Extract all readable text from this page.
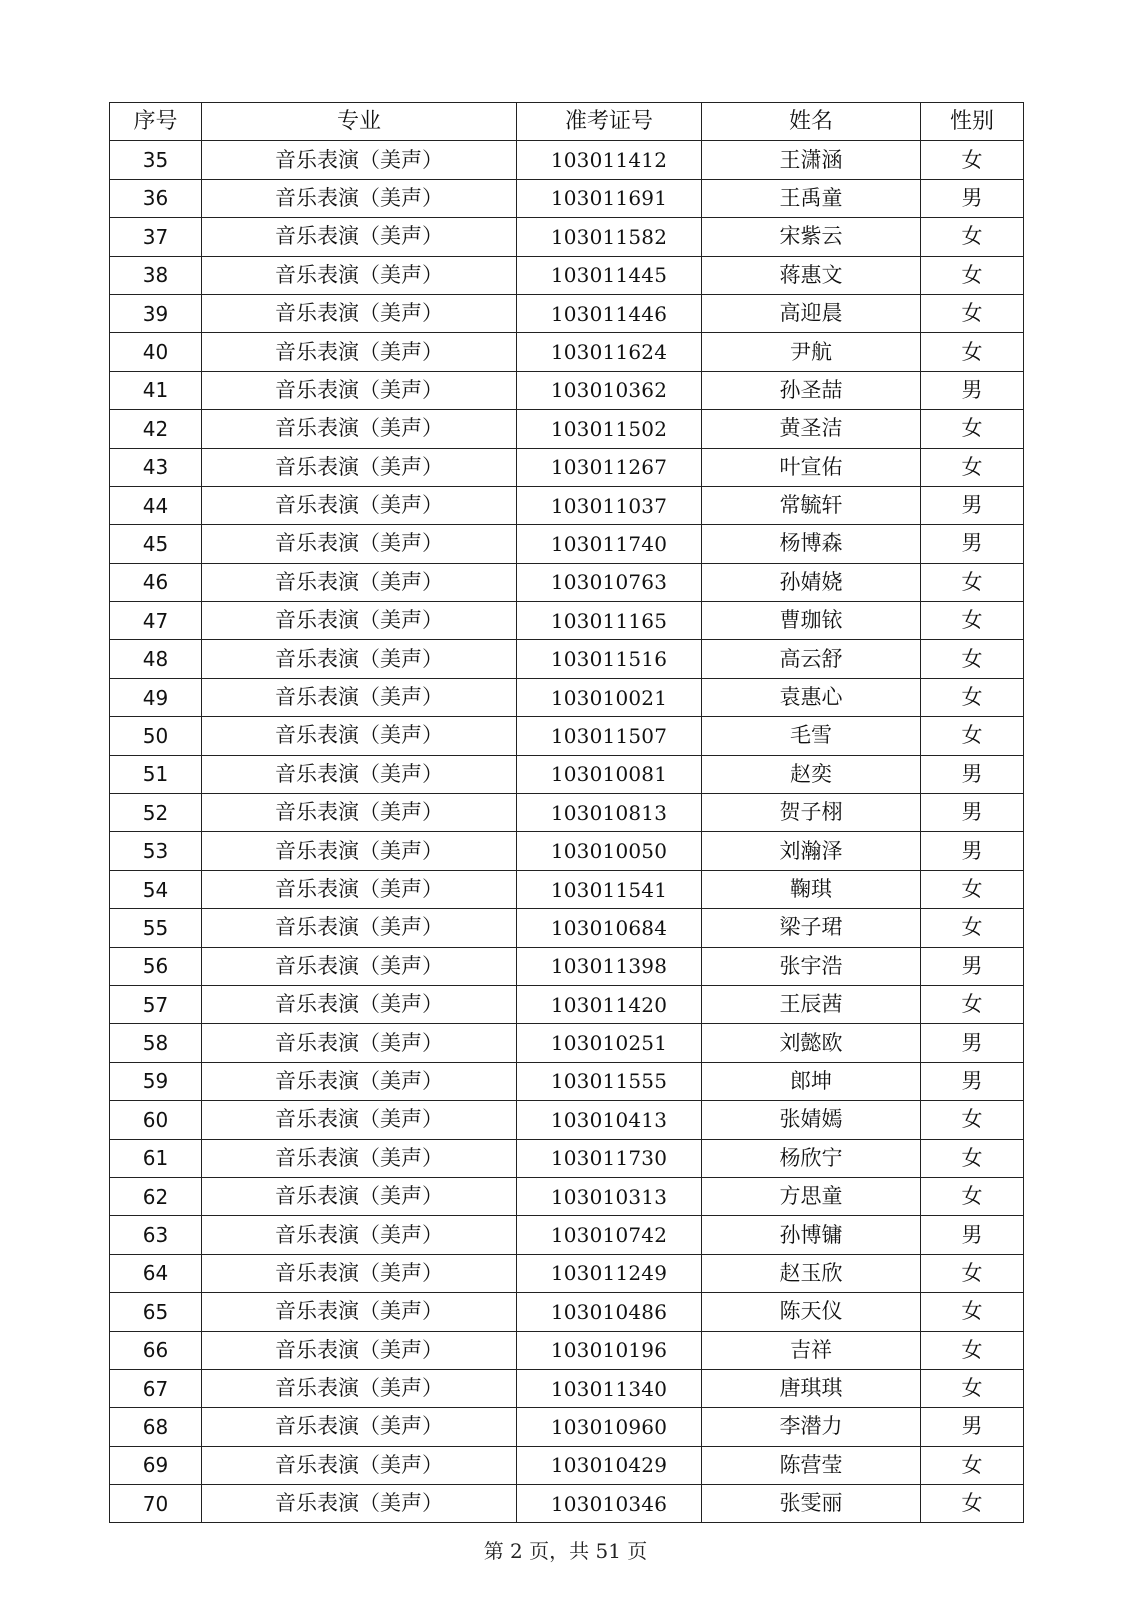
序号	专业	准考证号	姓名	性别
35	音乐表演（美声）	103011412	王潇涵	女
36	音乐表演（美声）	103011691	王禹童	男
37	音乐表演（美声）	103011582	宋紫云	女
38	音乐表演（美声）	103011445	蒋惠文	女
39	音乐表演（美声）	103011446	高迎晨	女
40	音乐表演（美声）	103011624	尹航	女
41	音乐表演（美声）	103010362	孙圣喆	男
42	音乐表演（美声）	103011502	黄圣洁	女
43	音乐表演（美声）	103011267	叶宣佑	女
44	音乐表演（美声）	103011037	常毓轩	男
45	音乐表演（美声）	103011740	杨博森	男
46	音乐表演（美声）	103010763	孙婧娆	女
47	音乐表演（美声）	103011165	曹珈铱	女
48	音乐表演（美声）	103011516	高云舒	女
49	音乐表演（美声）	103010021	袁惠心	女
50	音乐表演（美声）	103011507	毛雪	女
51	音乐表演（美声）	103010081	赵奕	男
52	音乐表演（美声）	103010813	贺子栩	男
53	音乐表演（美声）	103010050	刘瀚泽	男
54	音乐表演（美声）	103011541	鞠琪	女
55	音乐表演（美声）	103010684	梁子珺	女
56	音乐表演（美声）	103011398	张宇浩	男
57	音乐表演（美声）	103011420	王辰茜	女
58	音乐表演（美声）	103010251	刘懿欧	男
59	音乐表演（美声）	103011555	郎坤	男
60	音乐表演（美声）	103010413	张婧嫣	女
61	音乐表演（美声）	103011730	杨欣宁	女
62	音乐表演（美声）	103010313	方思童	女
63	音乐表演（美声）	103010742	孙博镛	男
64	音乐表演（美声）	103011249	赵玉欣	女
65	音乐表演（美声）	103010486	陈天仪	女
66	音乐表演（美声）	103010196	吉祥	女
67	音乐表演（美声）	103011340	唐琪琪	女
68	音乐表演（美声）	103010960	李潜力	男
69	音乐表演（美声）	103010429	陈营莹	女
70	音乐表演（美声）	103010346	张雯丽	女
第 2 页，共 51 页
